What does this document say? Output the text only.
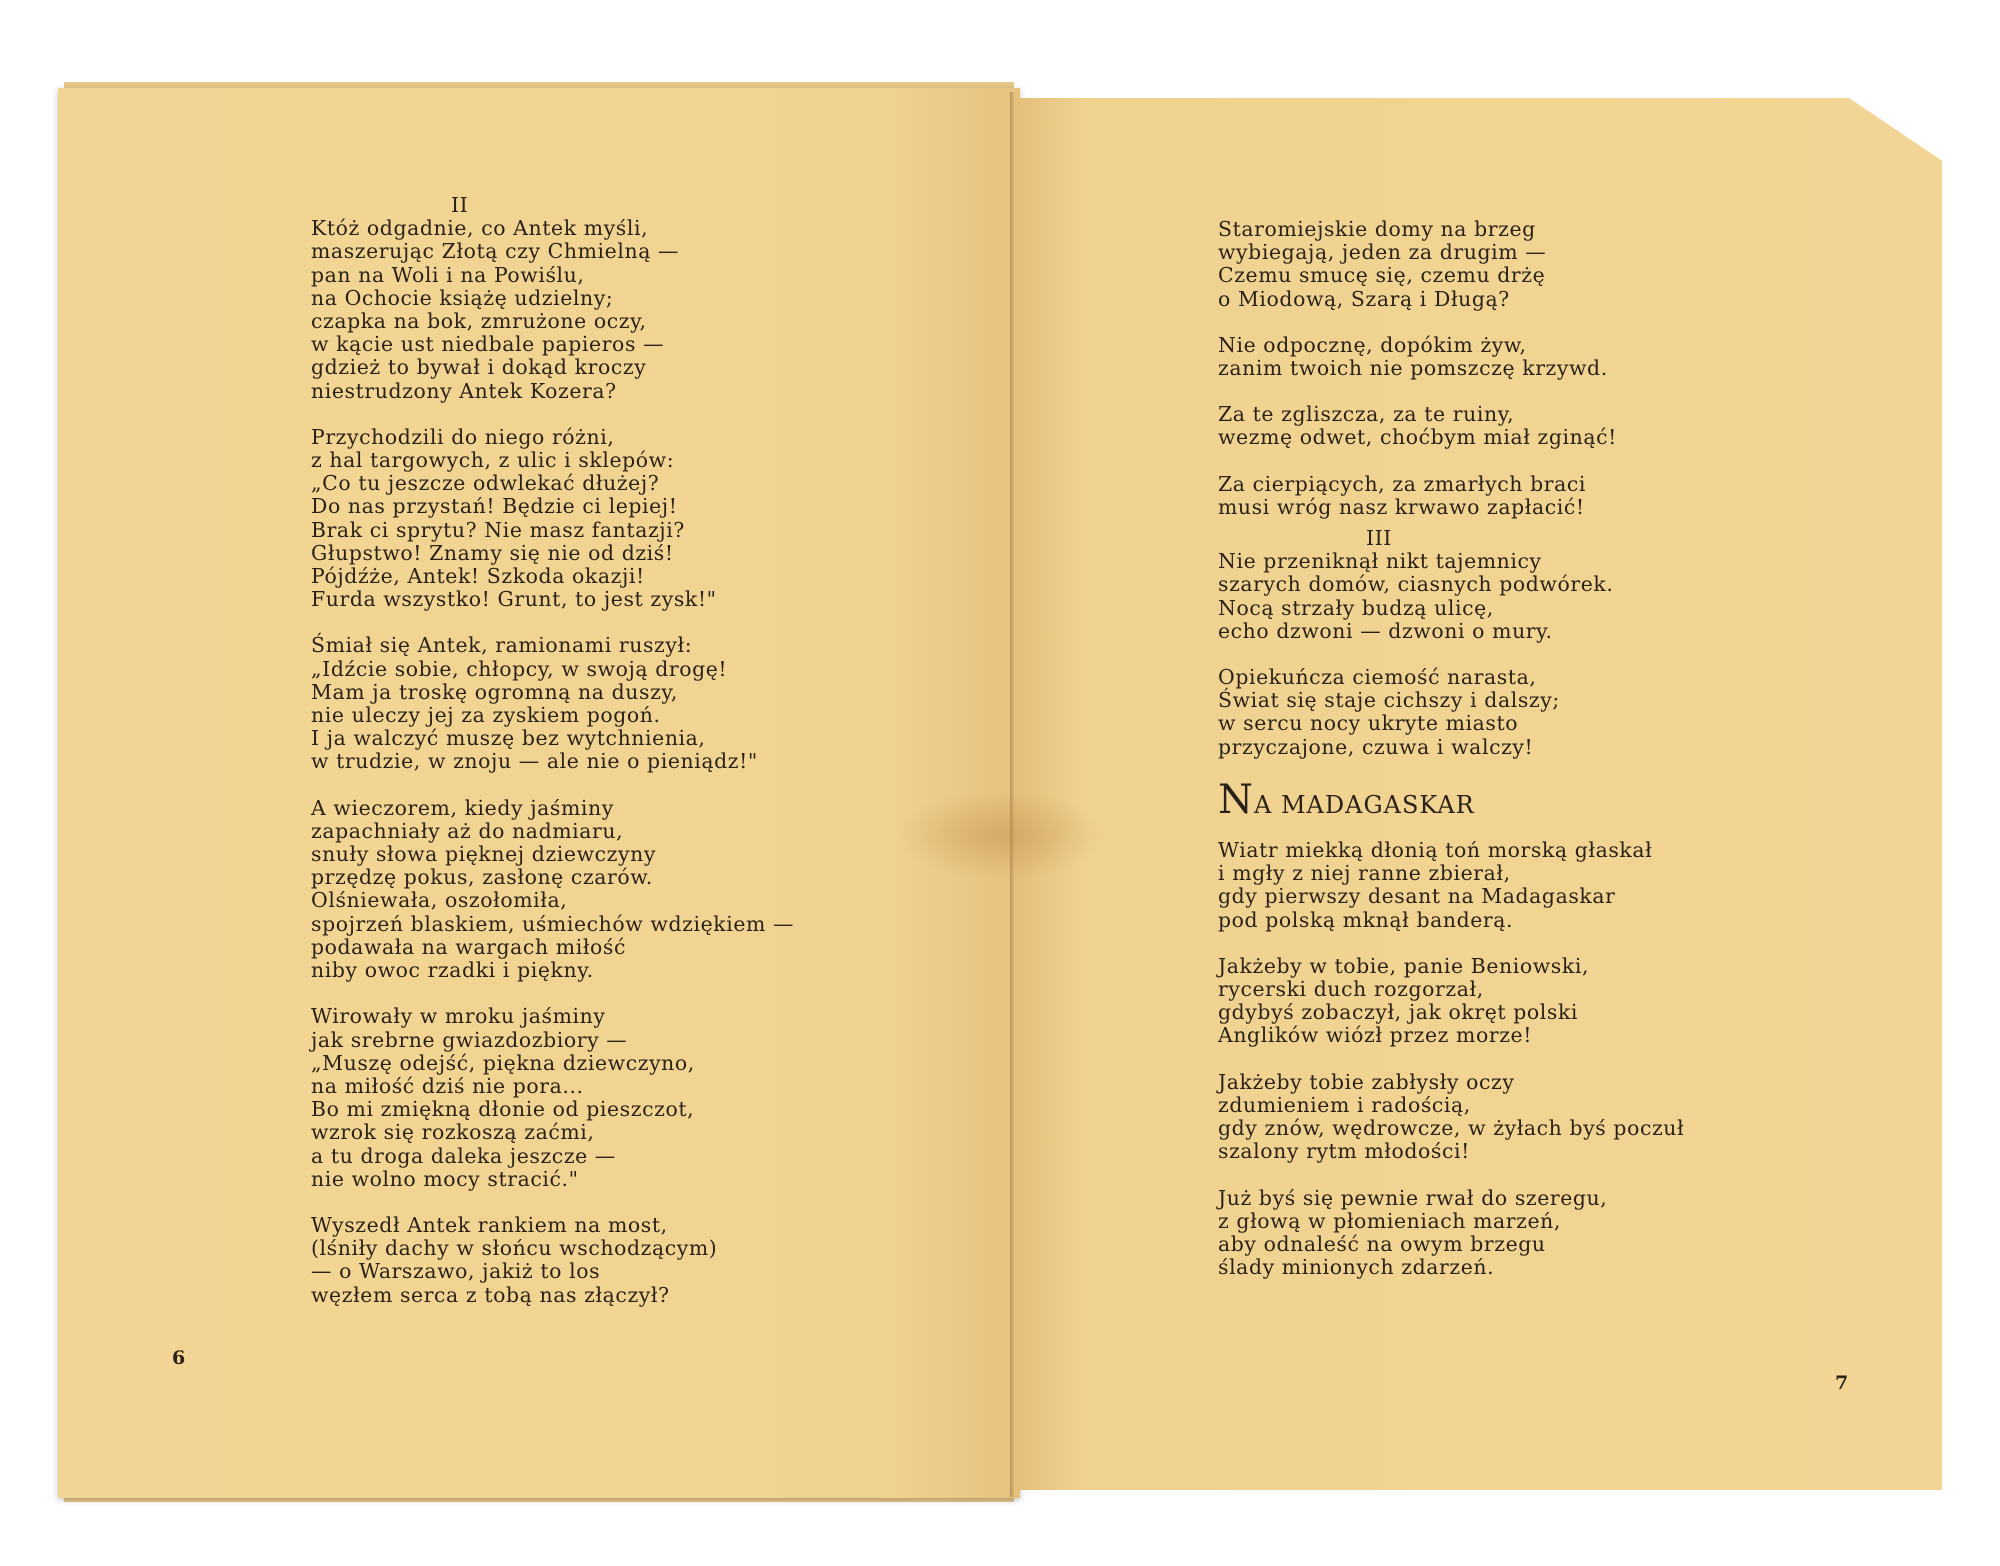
II
Któż odgadnie, co Antek myśli,
maszerując Złotą czy Chmielną —
pan na Woli i na Powiślu,
na Ochocie książę udzielny;
czapka na bok, zmrużone oczy,
w kącie ust niedbale papieros —
gdzież to bywał i dokąd kroczy
niestrudzony Antek Kozera?
Przychodzili do niego różni,
z hal targowych, z ulic i sklepów:
„Co tu jeszcze odwlekać dłużej?
Do nas przystań! Będzie ci lepiej!
Brak ci sprytu? Nie masz fantazji?
Głupstwo! Znamy się nie od dziś!
Pójdźże, Antek! Szkoda okazji!
Furda wszystko! Grunt, to jest zysk!"
Śmiał się Antek, ramionami ruszył:
„Idźcie sobie, chłopcy, w swoją drogę!
Mam ja troskę ogromną na duszy,
nie uleczy jej za zyskiem pogoń.
I ja walczyć muszę bez wytchnienia,
w trudzie, w znoju — ale nie o pieniądz!"
A wieczorem, kiedy jaśminy
zapachniały aż do nadmiaru,
snuły słowa pięknej dziewczyny
przędzę pokus, zasłonę czarów.
Olśniewała, oszołomiła,
spojrzeń blaskiem, uśmiechów wdziękiem —
podawała na wargach miłość
niby owoc rzadki i piękny.
Wirowały w mroku jaśminy
jak srebrne gwiazdozbiory —
„Muszę odejść, piękna dziewczyno,
na miłość dziś nie pora...
Bo mi zmiękną dłonie od pieszczot,
wzrok się rozkoszą zaćmi,
a tu droga daleka jeszcze —
nie wolno mocy stracić."
Wyszedł Antek rankiem na most,
(lśniły dachy w słońcu wschodzącym)
— o Warszawo, jakiż to los
węzłem serca z tobą nas złączył?
6
Staromiejskie domy na brzeg
wybiegają, jeden za drugim —
Czemu smucę się, czemu drżę
o Miodową, Szarą i Długą?
Nie odpocznę, dopókim żyw,
zanim twoich nie pomszczę krzywd.
Za te zgliszcza, za te ruiny,
wezmę odwet, choćbym miał zginąć!
Za cierpiących, za zmarłych braci
musi wróg nasz krwawo zapłacić!
III
Nie przeniknął nikt tajemnicy
szarych domów, ciasnych podwórek.
Nocą strzały budzą ulicę,
echo dzwoni — dzwoni o mury.
Opiekuńcza ciemość narasta,
Świat się staje cichszy i dalszy;
w sercu nocy ukryte miasto
przyczajone, czuwa i walczy!
NA MADAGASKAR
Wiatr miekką dłonią toń morską głaskał
i mgły z niej ranne zbierał,
gdy pierwszy desant na Madagaskar
pod polską mknął banderą.
Jakżeby w tobie, panie Beniowski,
rycerski duch rozgorzał,
gdybyś zobaczył, jak okręt polski
Anglików wiózł przez morze!
Jakżeby tobie zabłysły oczy
zdumieniem i radością,
gdy znów, wędrowcze, w żyłach byś poczuł
szalony rytm młodości!
Już byś się pewnie rwał do szeregu,
z głową w płomieniach marzeń,
aby odnaleść na owym brzegu
ślady minionych zdarzeń.
7
